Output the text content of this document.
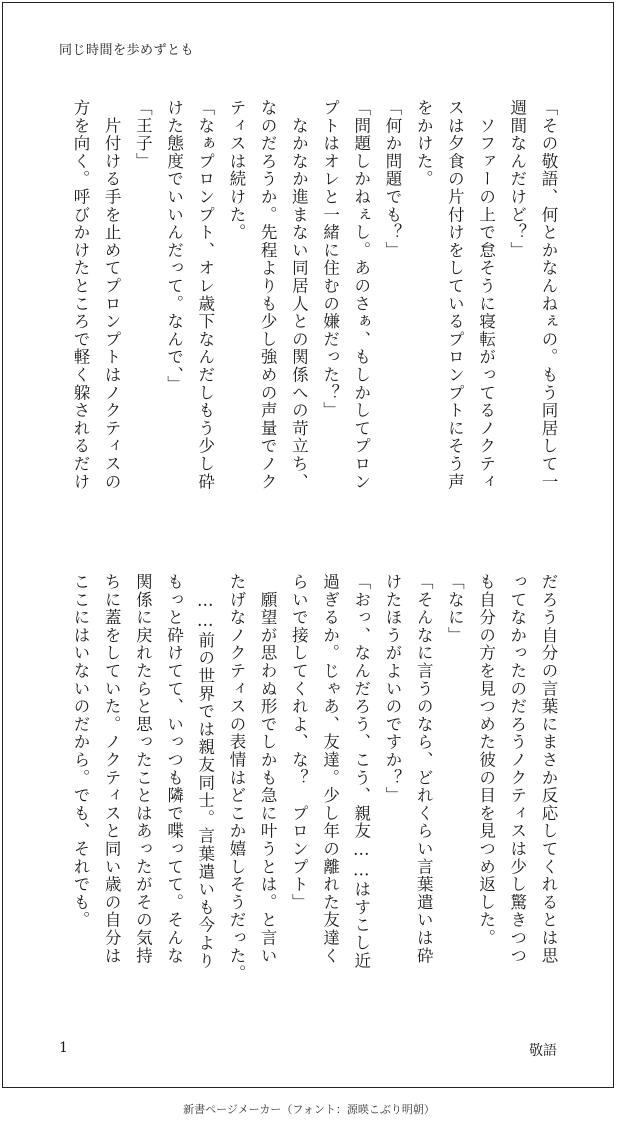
同じ時間を歩めずとも

「その敬語、何とかなんねぇの。もう同居して一

週間なんだけど？」

　ソファーの上で怠そうに寝転がってるノクティ

スは夕食の片付けをしているプロンプトにそう声

をかけた。

「何か問題でも？」

「問題しかねぇし。あのさぁ、もしかしてプロン

プトはオレと一緒に住むの嫌だった？」

　なかなか進まない同居人との関係への苛立ち、

なのだろうか。先程よりも少し強めの声量でノク

ティスは続けた。

「なぁプロンプト、オレ歳下なんだしもう少し砕

けた態度でいいんだって。なんで、」

「王子」

　片付ける手を止めてプロンプトはノクティスの

方を向く。呼びかけたところで軽く躱されるだけ

だろう自分の言葉にまさか反応してくれるとは思

ってなかったのだろうノクティスは少し驚きつつ

も自分の方を見つめた彼の目を見つめ返した。

「なに」

「そんなに言うのなら、どれくらい言葉遣いは砕

けたほうがよいのですか？」

「おっ、なんだろう、こう、親友……はすこし近

過ぎるか。じゃあ、友達。少し年の離れた友達く

らいで接してくれよ、な？　プロンプト」

　願望が思わぬ形でしかも急に叶うとは。と言い

たげなノクティスの表情はどこか嬉しそうだった。

　……前の世界では親友同士。言葉遣いも今より

もっと砕けてて、いっつも隣で喋ってて。そんな

関係に戻れたらと思ったことはあったがその気持

ちに蓋をしていた。ノクティスと同い歳の自分は

ここにはいないのだから。でも、それでも。

1	敬語
新書ページメーカー（フォント：源暎こぶり明朝）
